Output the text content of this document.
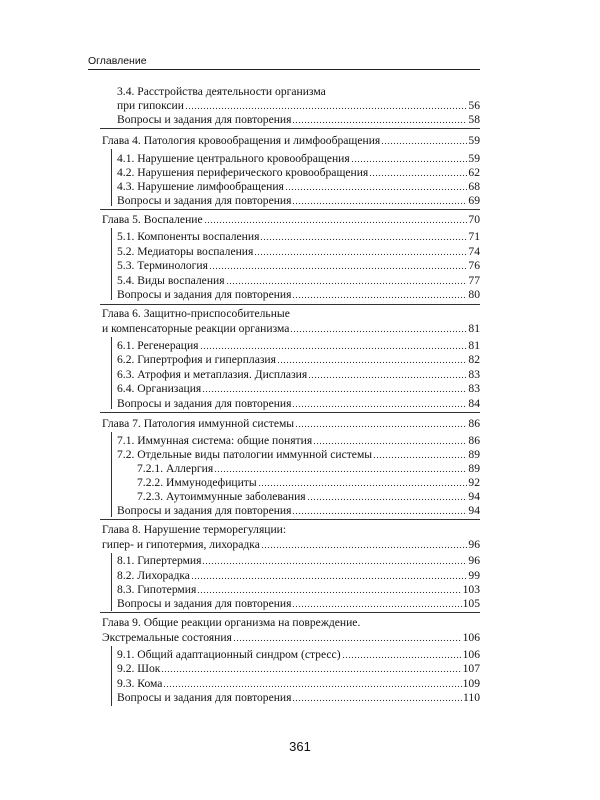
Оглавление
3.4. Расстройства деятельности организма
при гипоксии	56
Вопросы и задания для повторения	58
Глава 4. Патология кровообращения и лимфообращения	59
4.1. Нарушение центрального кровообращения	59
4.2. Нарушения периферического кровообращения	62
4.3. Нарушение лимфообращения	68
Вопросы и задания для повторения	69
Глава 5. Воспаление	70
5.1. Компоненты воспаления	71
5.2. Медиаторы воспаления	74
5.3. Терминология	76
5.4. Виды воспаления	77
Вопросы и задания для повторения	80
Глава 6. Защитно-приспособительные
и компенсаторные реакции организма	81
6.1. Регенерация	81
6.2. Гипертрофия и гиперплазия	82
6.3. Атрофия и метаплазия. Дисплазия	83
6.4. Организация	83
Вопросы и задания для повторения	84
Глава 7. Патология иммунной системы	86
7.1. Иммунная система: общие понятия	86
7.2. Отдельные виды патологии иммунной системы	89
7.2.1. Аллергия	89
7.2.2. Иммунодефициты	92
7.2.3. Аутоиммунные заболевания	94
Вопросы и задания для повторения	94
Глава 8. Нарушение терморегуляции:
гипер- и гипотермия, лихорадка	96
8.1. Гипертермия	96
8.2. Лихорадка	99
8.3. Гипотермия	103
Вопросы и задания для повторения	105
Глава 9. Общие реакции организма на повреждение.
Экстремальные состояния	106
9.1. Общий адаптационный синдром (стресс)	106
9.2. Шок	107
9.3. Кома	109
Вопросы и задания для повторения	110
361
